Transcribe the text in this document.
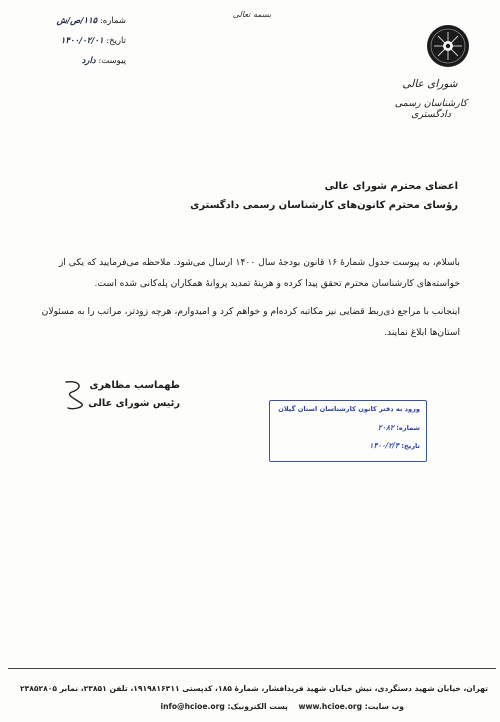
شماره: ۱۱۵/ص/ش
تاریخ: ۱۴۰۰/۰۲/۰۱
پیوست: دارد
بسمه تعالی
شورای عالی
کارشناسان رسمی دادگستری
اعضای محترم شورای عالی
رؤسای محترم کانون‌های کارشناسان رسمی دادگستری
باسلام، به پیوست جدول شمارۀ ۱۶ قانون بودجۀ سال ۱۴۰۰ ارسال می‌شود. ملاحظه می‌فرمایید که یکی از خواسته‌های کارشناسان محترم تحقق پیدا کرده و هزینۀ تمدید پروانۀ همکاران پله‌کانی شده است.
اینجانب با مراجع ذی‌ربط قضایی نیز مکاتبه کرده‌ام و خواهم کرد و امیدوارم، هرچه زودتر، مراتب را به مسئولان استان‌ها ابلاغ نمایند.
طهماسب مظاهری
رئیس شورای عالی	ورود به دفتر کانون کارشناسان استان گیلان
شماره: ۲۰۸۲
تاریخ: ۱۴۰۰/۲/۴
تهران، خیابان شهید دستگردی، نبش خیابان شهید فریدافشار، شمارۀ ۱۸۵، کدپستی ۱۹۱۹۸۱۶۳۱۱، تلفن ۲۳۸۵۱، نمابر ۲۳۸۵۲۸۰۵
وب سایت: www.hcioe.org    پست الکترونیک: info@hcioe.org
